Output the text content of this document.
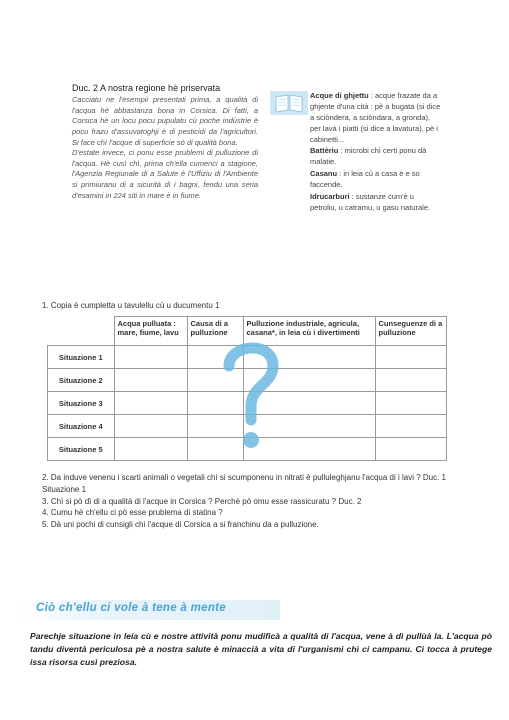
Duc. 2 A nostra regione hè priservata

Cacciatu ne l'esempii presentati prima, a qualità di l'acqua hè abbastanza bona in Corsica. Di fatti, a Corsica hè un locu pocu pupulatu cù poche indùstrie è pocu frazu d'assuvatoghji è di pesticidi da l'agricultori. Si face chì l'acque di superficie sò di qualità bona.

D'estate invece, ci ponu esse prublemi di pulluzione di l'acqua. Hè cusì chì, prima ch'ella cumenci a stagione, l'Agenzia Regiunale di a Salute è l'Uffiziu di l'Ambiente si primiuranu di a sicurità di i bagni, fendu una seria d'esamini in 224 siti in mare è in fiume.

Acque di ghjettu : acque frazate da a ghjente d'una cità : pè a bugata (si dice a sciòndera, a sciòndara, a gronda), per lavà i piatti (si dice a lavatura), pè i cabinetti...

Battèriu : microbi chì certi ponu dà malatie.

Casanu : in leia cù a casa è e so faccende.

Idrucarburi : sustanze cum'è u petroliu, u catramu, u gasu naturale.

1. Copia è cumpletta u tavulellu cù u ducumentu 1
	Acqua pulluata : mare, fiume, lavu	Causa di a pulluzione	Pulluzione industriale, agricula, casana*, in leia cù i divertimenti	Cunseguenze di a pulluzione
Situazione 1				
Situazione 2				
Situazione 3				
Situazione 4				
Situazione 5				

2. Da induve venenu i scarti animali o vegetali chì si scumponenu in nitrati è pulluleghjanu l'acqua di i lavi ? Duc. 1 Situazione 1

3. Chì si pò dì di a qualità di l'acque in Corsica ? Perchè pò omu esse rassicuratu ? Duc. 2

4. Cumu hè ch'ellu ci pò esse prublema di statina ?

5. Dà uni pochi di cunsigli chì l'acque di Corsica a si franchinu da a pulluzione.

Ciò ch'ellu ci vole à tene à mente

Parechje situazione in leia cù e nostre attività ponu mudificà a qualità di l'acqua, vene à dì pullùà la. L'acqua pò tandu diventà periculosa pè a nostra salute è minaccià a vita di l'urganismi chì ci campanu. Ci tocca à prutege issa risorsa cusì preziosa.
